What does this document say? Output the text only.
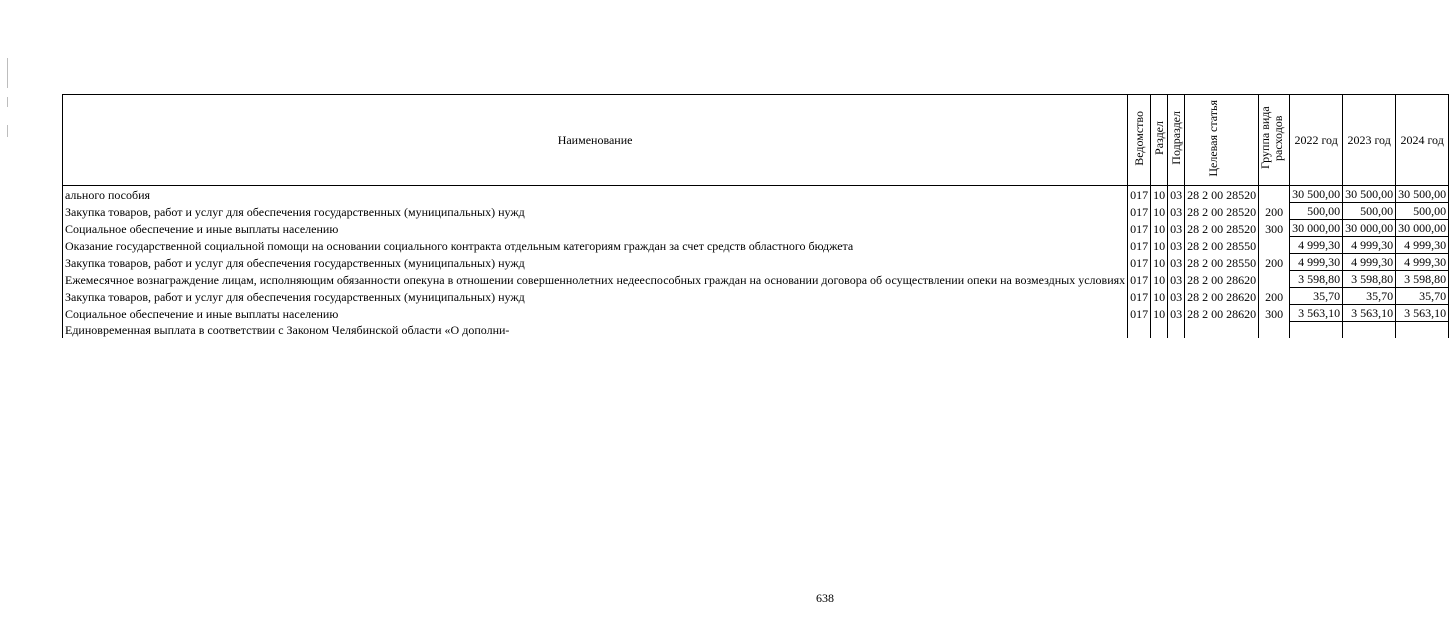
Наименование	Ведомство	Раздел	Подраздел	Целевая статья	Группа вида расходов	2022 год	2023 год	2024 год
ального пособия	017	10	03	28 2 00 28520		30 500,00	30 500,00	30 500,00
Закупка товаров, работ и услуг для обеспечения государственных (муниципальных) нужд	017	10	03	28 2 00 28520	200	500,00	500,00	500,00
Социальное обеспечение и иные выплаты населению	017	10	03	28 2 00 28520	300	30 000,00	30 000,00	30 000,00
Оказание государственной социальной помощи на основании социального контракта отдельным категориям граждан за счет средств областного бюджета	017	10	03	28 2 00 28550		4 999,30	4 999,30	4 999,30
Закупка товаров, работ и услуг для обеспечения государственных (муниципальных) нужд	017	10	03	28 2 00 28550	200	4 999,30	4 999,30	4 999,30
Ежемесячное вознаграждение лицам, исполняющим обязанности опекуна в отношении совершеннолетних недееспособных граждан на основании договора об осуществлении опеки на возмездных условиях	017	10	03	28 2 00 28620		3 598,80	3 598,80	3 598,80
Закупка товаров, работ и услуг для обеспечения государственных (муниципальных) нужд	017	10	03	28 2 00 28620	200	35,70	35,70	35,70
Социальное обеспечение и иные выплаты населению	017	10	03	28 2 00 28620	300	3 563,10	3 563,10	3 563,10
Единовременная выплата в соответствии с Законом Челябинской области «О дополни-								
638
